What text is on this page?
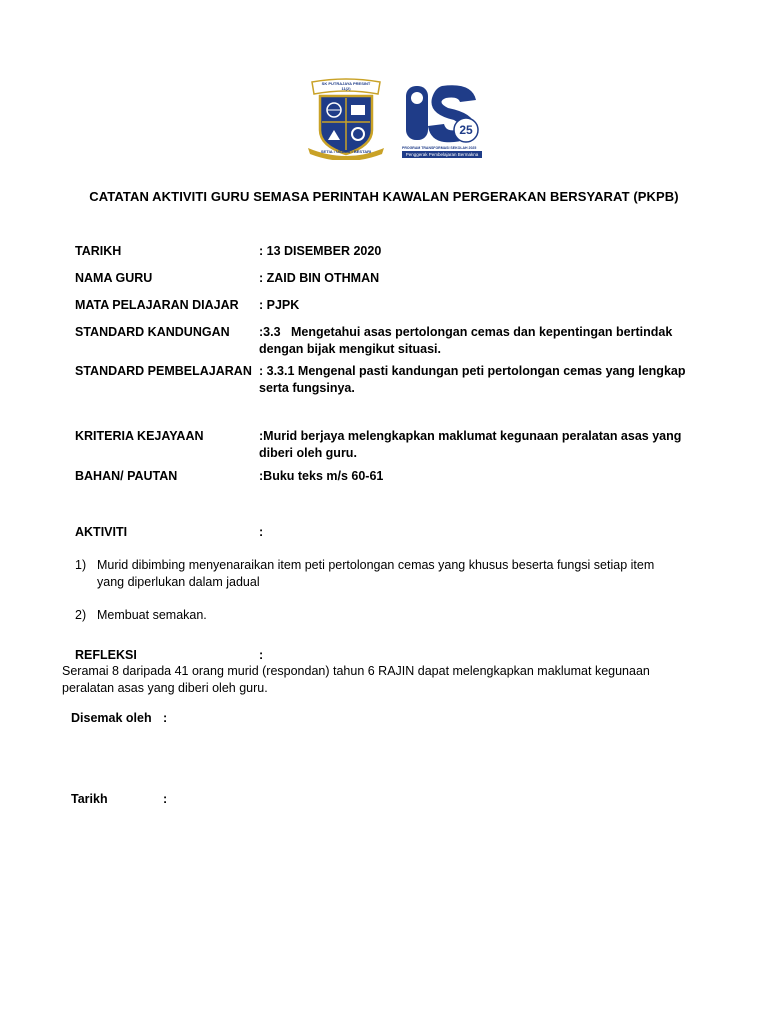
SK PUTRAJAYA PRESINT 11(2)
SETIA • USAHA • BESTARI
25
PROGRAM TRANSFORMASI SEKOLAH 2025
Penggerak Pembelajaran Bermakna
CATATAN AKTIVITI GURU SEMASA PERINTAH KAWALAN PERGERAKAN BERSYARAT (PKPB)
TARIKH	: 13 DISEMBER 2020
NAMA GURU	: ZAID BIN OTHMAN
MATA PELAJARAN DIAJAR : PJPK
STANDARD KANDUNGAN :3.3   Mengetahui asas pertolongan cemas dan kepentingan bertindak dengan bijak mengikut situasi.
STANDARD PEMBELAJARAN : 3.3.1 Mengenal pasti kandungan peti pertolongan cemas yang lengkap serta fungsinya.
KRITERIA KEJAYAAN	:Murid berjaya melengkapkan maklumat kegunaan peralatan asas yang diberi oleh guru.
BAHAN/ PAUTAN	:Buku teks m/s 60-61
AKTIVITI	:
1) Murid dibimbing menyenaraikan item peti pertolongan cemas yang khusus beserta fungsi setiap item yang diperlukan dalam jadual
2) Membuat semakan.
REFLEKSI	:
Seramai 8 daripada 41 orang murid (respondan) tahun 6 RAJIN dapat melengkapkan maklumat kegunaan peralatan asas yang diberi oleh guru.
Disemak oleh :
Tarikh	:
